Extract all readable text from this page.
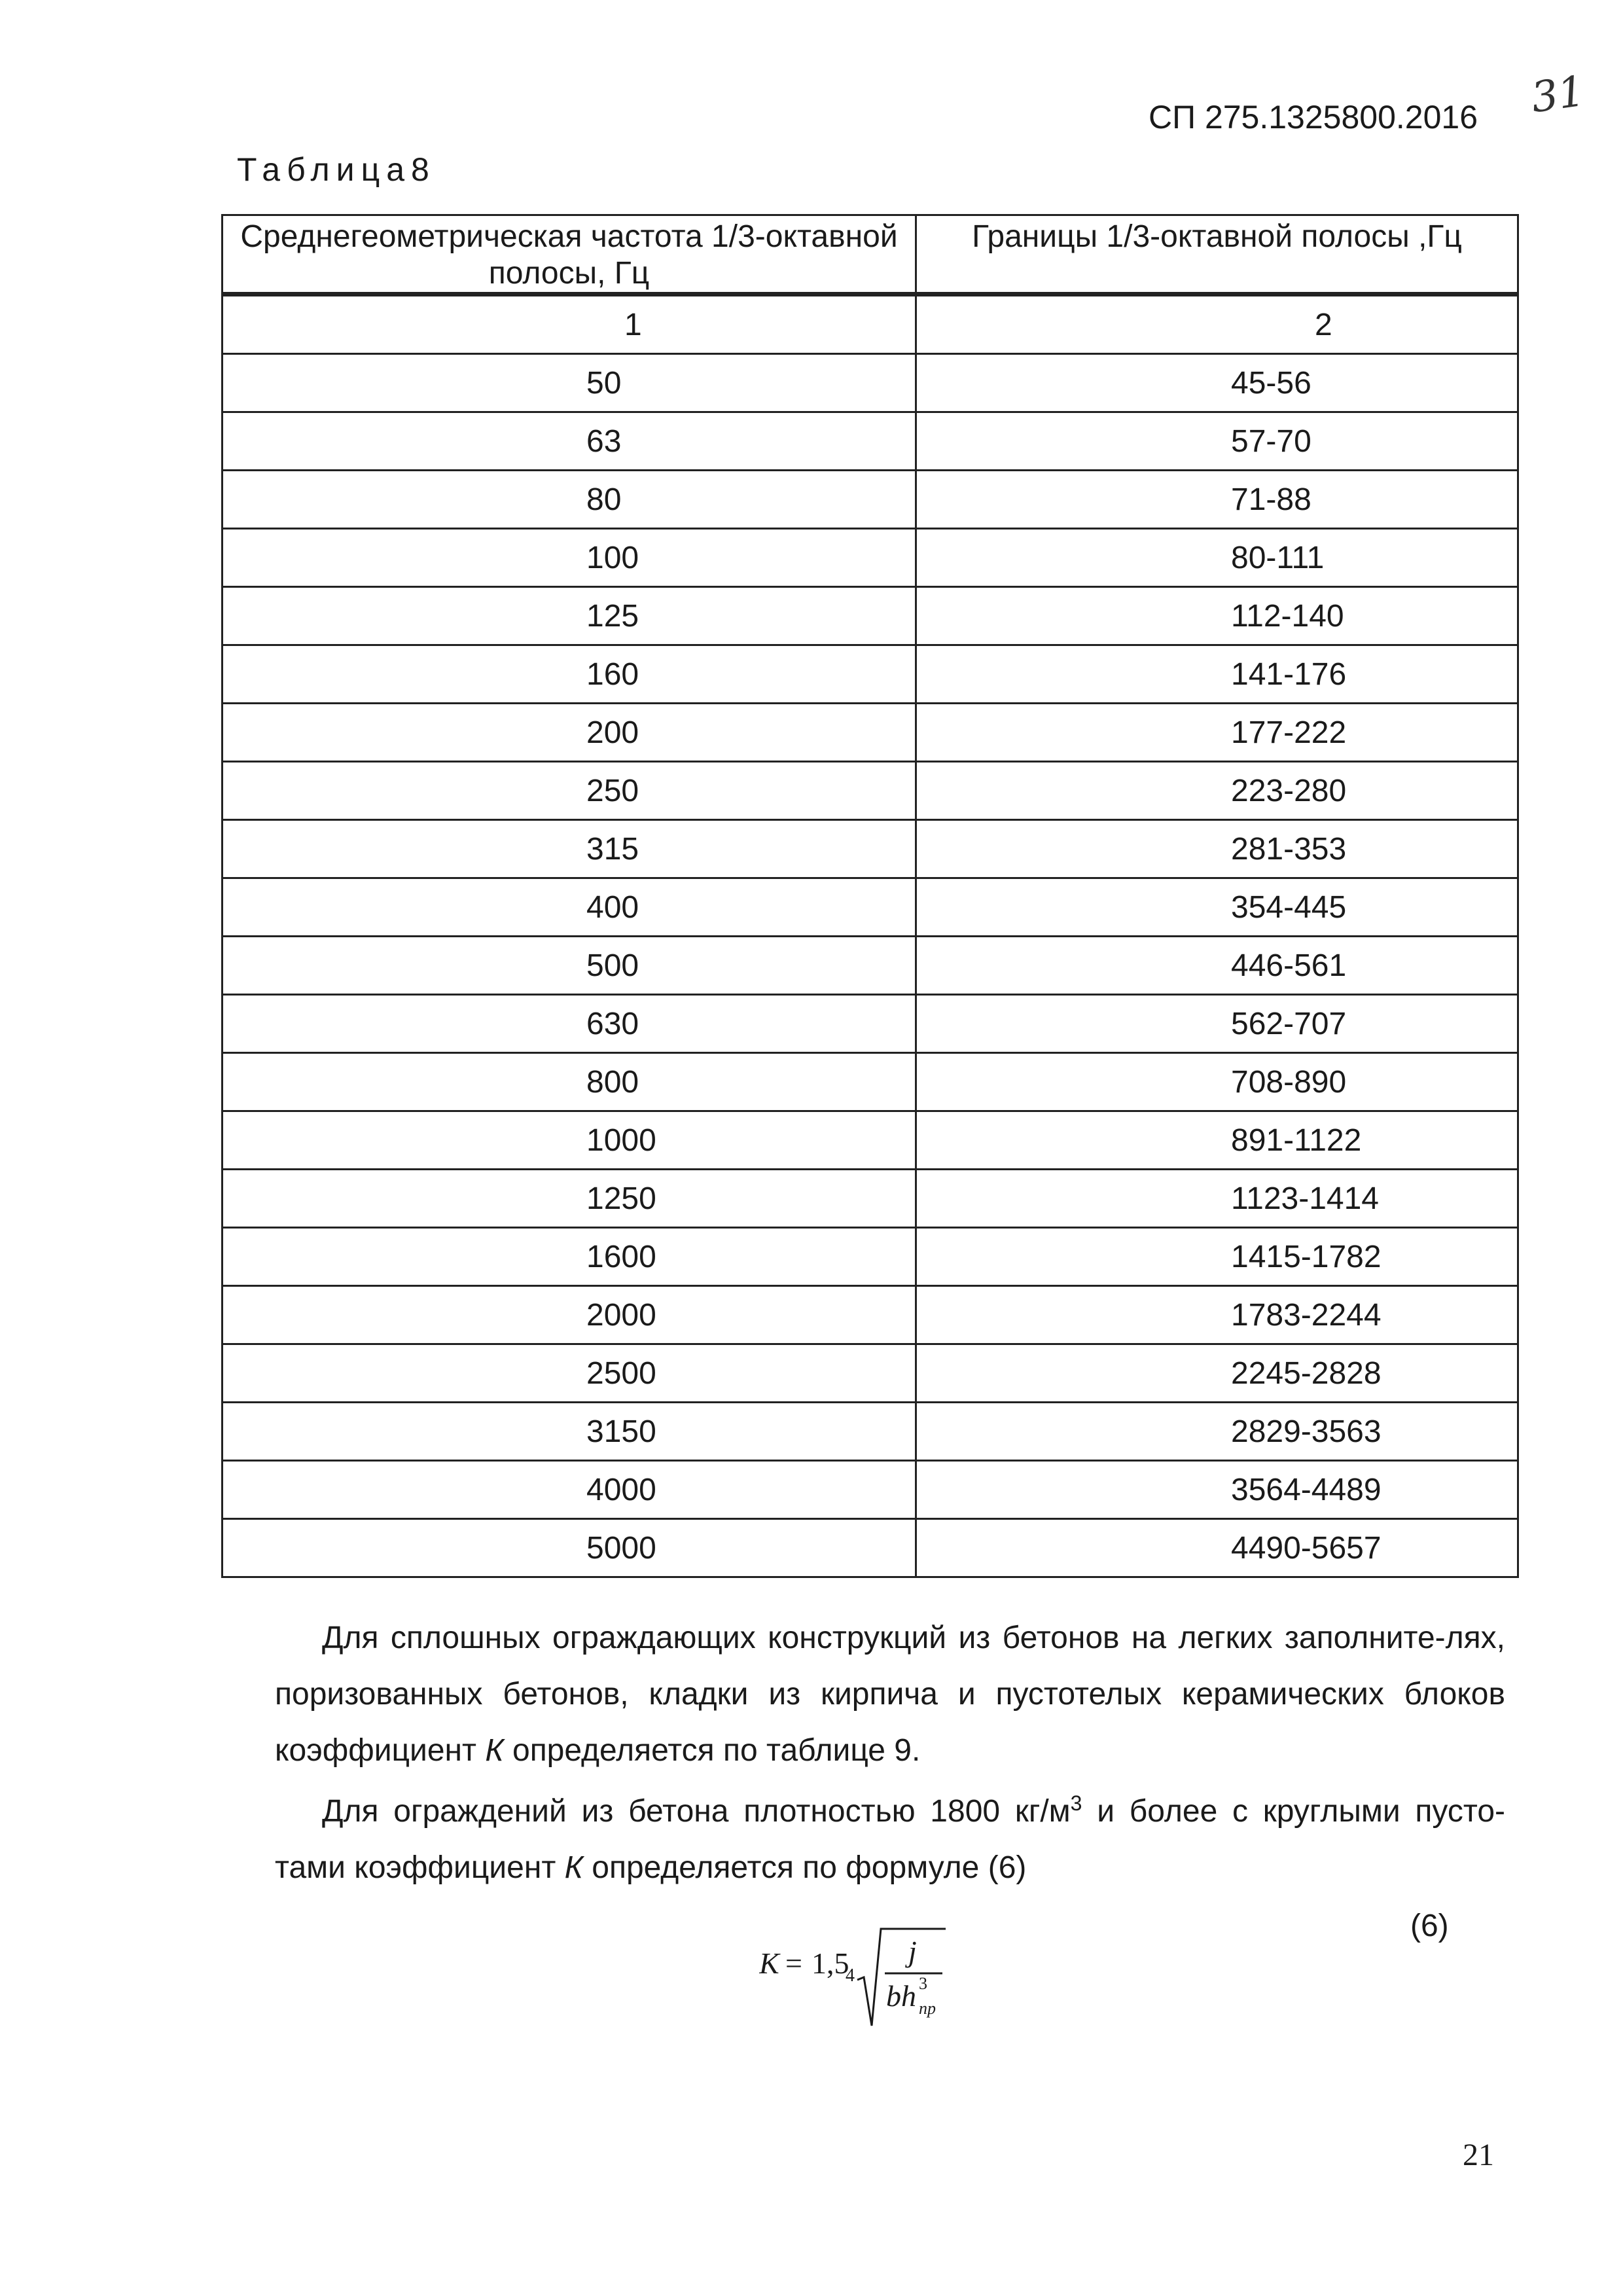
СП 275.1325800.2016 31
Таблица8
Среднегеометрическая частота 1/3-октавной полосы, Гц	Границы 1/3-октавной полосы ,Гц
1	2
50	45-56
63	57-70
80	71-88
100	80-111
125	112-140
160	141-176
200	177-222
250	223-280
315	281-353
400	354-445
500	446-561
630	562-707
800	708-890
1000	891-1122
1250	1123-1414
1600	1415-1782
2000	1783-2244
2500	2245-2828
3150	2829-3563
4000	3564-4489
5000	4490-5657
Для сплошных ограждающих конструкций из бетонов на легких заполните-лях, поризованных бетонов, кладки из кирпича и пустотелых керамических блоков коэффициент К определяется по таблице 9.
Для ограждений из бетона плотностью 1800 $кг/м^3$ и более с круглыми пусто-тами коэффициент К определяется по формуле (6)
K = 1,5
4
j
bh 3
пр
(6)
21
